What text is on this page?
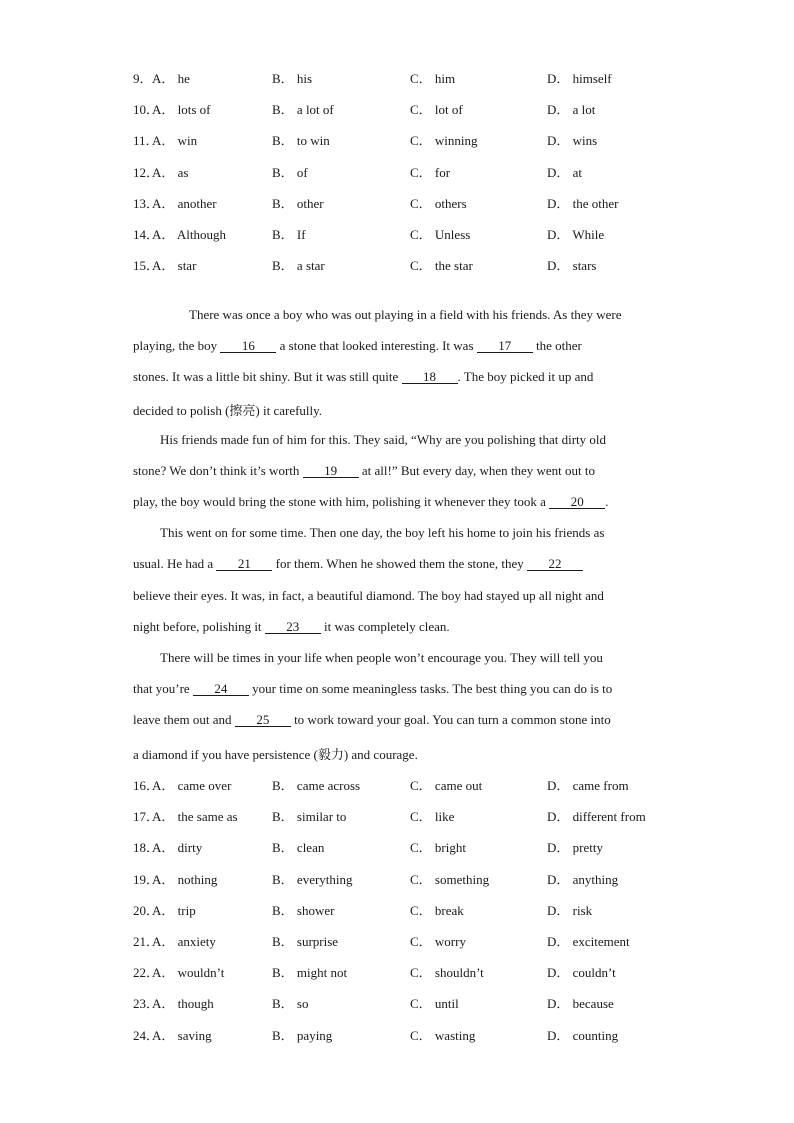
9． A． he	B． his	C． him	D． himself
10．
A． lots of	B． a lot of	C． lot of	D． a lot
11．
A． win	B． to win	C． winning	D． wins
12．
A． as	B． of	C． for	D． at
13．
A． another	B． other	C． others	D． the other
14．
A． Although	B． If	C． Unless	D． While
15．
A． star	B． a star	C． the star	D． stars
There was once a boy who was out playing in a field with his friends. As they were
playing, the boy 16 a stone that looked interesting. It was 17 the other
stones. It was a little bit shiny. But it was still quite 18 . The boy picked it up and
decided to polish (擦亮) it carefully.
His friends made fun of him for this. They said, “Why are you polishing that dirty old
stone? We don’t think it’s worth 19 at all!” But every day, when they went out to
play, the boy would bring the stone with him, polishing it whenever they took a 20 .
This went on for some time. Then one day, the boy left his home to join his friends as
usual. He had a 21 for them. When he showed them the stone, they 22
believe their eyes. It was, in fact, a beautiful diamond. The boy had stayed up all night and
night before, polishing it 23 it was completely clean.
There will be times in your life when people won’t encourage you. They will tell you
that you’re 24 your time on some meaningless tasks. The best thing you can do is to
leave them out and 25 to work toward your goal. You can turn a common stone into
a diamond if you have persistence (毅力) and courage.
16．
A． came over	B． came across	C． came out	D． came from
17．
A． the same as	B． similar to	C． like	D． different from
18．
A． dirty	B． clean	C． bright	D． pretty
19．
A． nothing	B． everything	C． something	D． anything
20．
A． trip	B． shower	C． break	D． risk
21．
A． anxiety	B． surprise	C． worry	D． excitement
22．
A． wouldn’t	B． might not	C． shouldn’t	D． couldn’t
23．
A． though	B． so	C． until	D． because
24．
A． saving	B． paying	C． wasting	D． counting
